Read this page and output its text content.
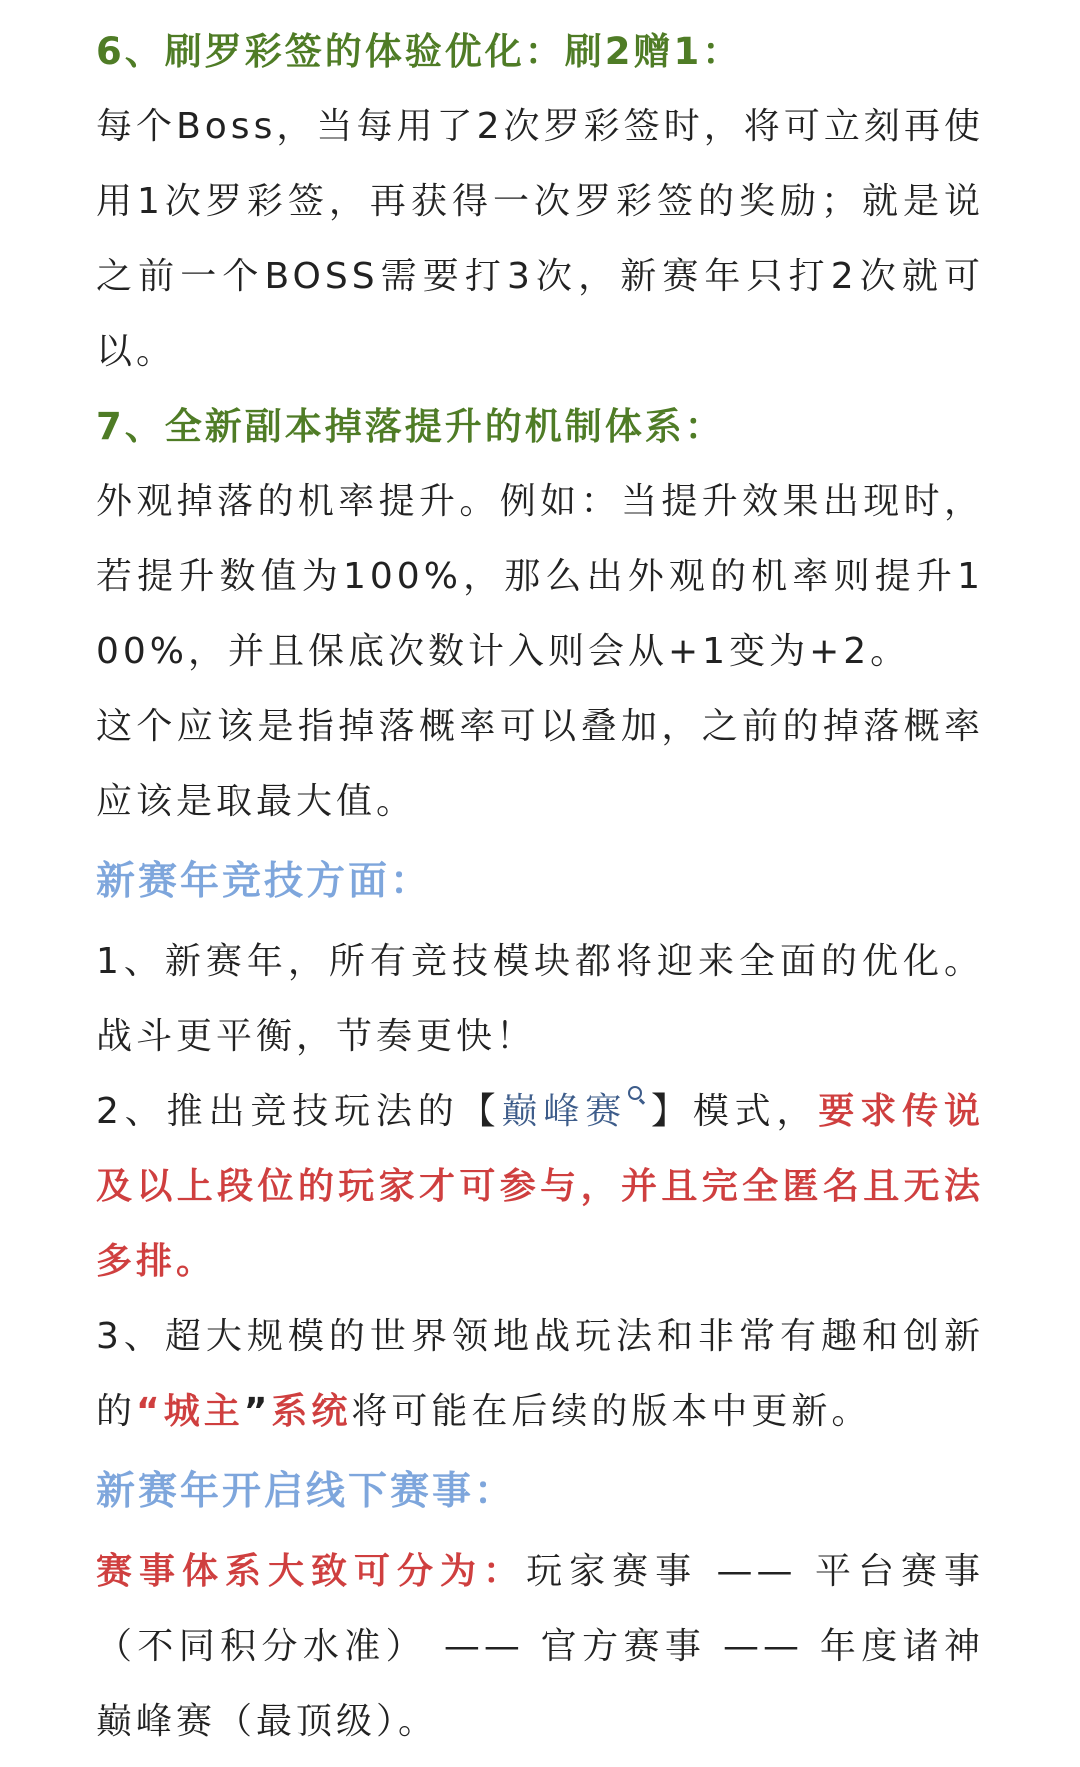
6、刷罗彩签的体验优化：刷2赠1：

每个Boss，当每用了2次罗彩签时，将可立刻再使用1次罗彩签，再获得一次罗彩签的奖励；就是说之前一个BOSS需要打3次，新赛年只打2次就可以。

7、全新副本掉落提升的机制体系：

外观掉落的机率提升。例如：当提升效果出现时，若提升数值为100%，那么出外观的机率则提升100%，并且保底次数计入则会从+1变为+2。

这个应该是指掉落概率可以叠加，之前的掉落概率应该是取最大值。

新赛年竞技方面：

1、新赛年，所有竞技模块都将迎来全面的优化。战斗更平衡，节奏更快！

2、推出竞技玩法的【巅峰赛 】模式，要求传说及以上段位的玩家才可参与，并且完全匿名且无法多排。

3、超大规模的世界领地战玩法和非常有趣和创新的“城主”系统将可能在后续的版本中更新。

新赛年开启线下赛事：

赛事体系大致可分为：玩家赛事 —— 平台赛事（不同积分水准） —— 官方赛事 —— 年度诸神巅峰赛（最顶级）。
